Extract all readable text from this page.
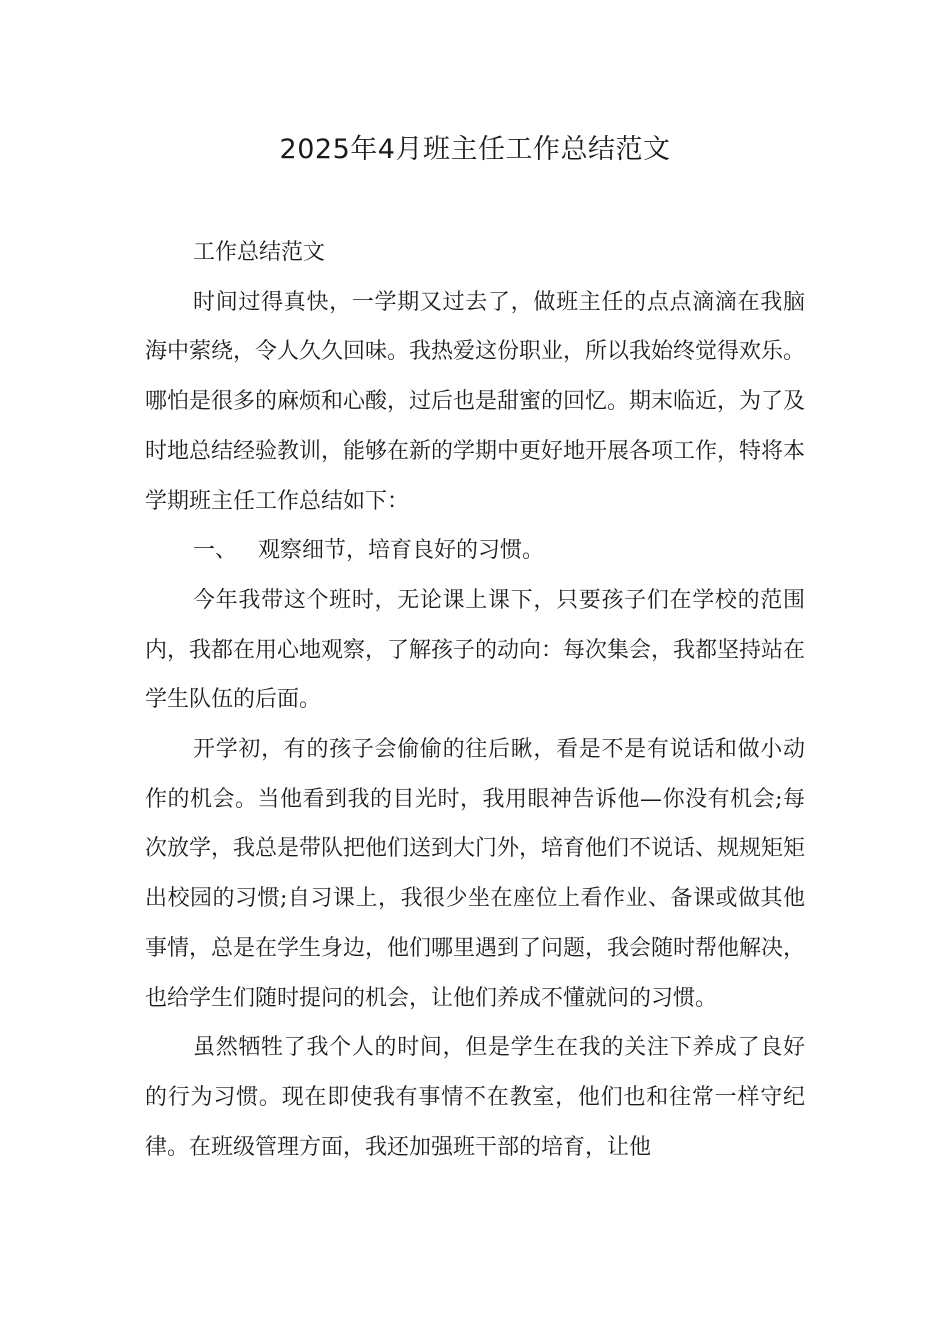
2025年4月班主任工作总结范文

工作总结范文

时间过得真快，一学期又过去了，做班主任的点点滴滴在我脑海中萦绕，令人久久回味。我热爱这份职业，所以我始终觉得欢乐。哪怕是很多的麻烦和心酸，过后也是甜蜜的回忆。期末临近，为了及时地总结经验教训，能够在新的学期中更好地开展各项工作，特将本学期班主任工作总结如下：

一、 观察细节，培育良好的习惯。

今年我带这个班时，无论课上课下，只要孩子们在学校的范围内，我都在用心地观察，了解孩子的动向：每次集会，我都坚持站在学生队伍的后面。

开学初，有的孩子会偷偷的往后瞅，看是不是有说话和做小动作的机会。当他看到我的目光时，我用眼神告诉他—你没有机会;每次放学，我总是带队把他们送到大门外，培育他们不说话、规规矩矩出校园的习惯;自习课上，我很少坐在座位上看作业、备课或做其他事情，总是在学生身边，他们哪里遇到了问题，我会随时帮他解决，也给学生们随时提问的机会，让他们养成不懂就问的习惯。

虽然牺牲了我个人的时间，但是学生在我的关注下养成了良好的行为习惯。现在即使我有事情不在教室，他们也和往常一样守纪律。在班级管理方面，我还加强班干部的培育，让他
